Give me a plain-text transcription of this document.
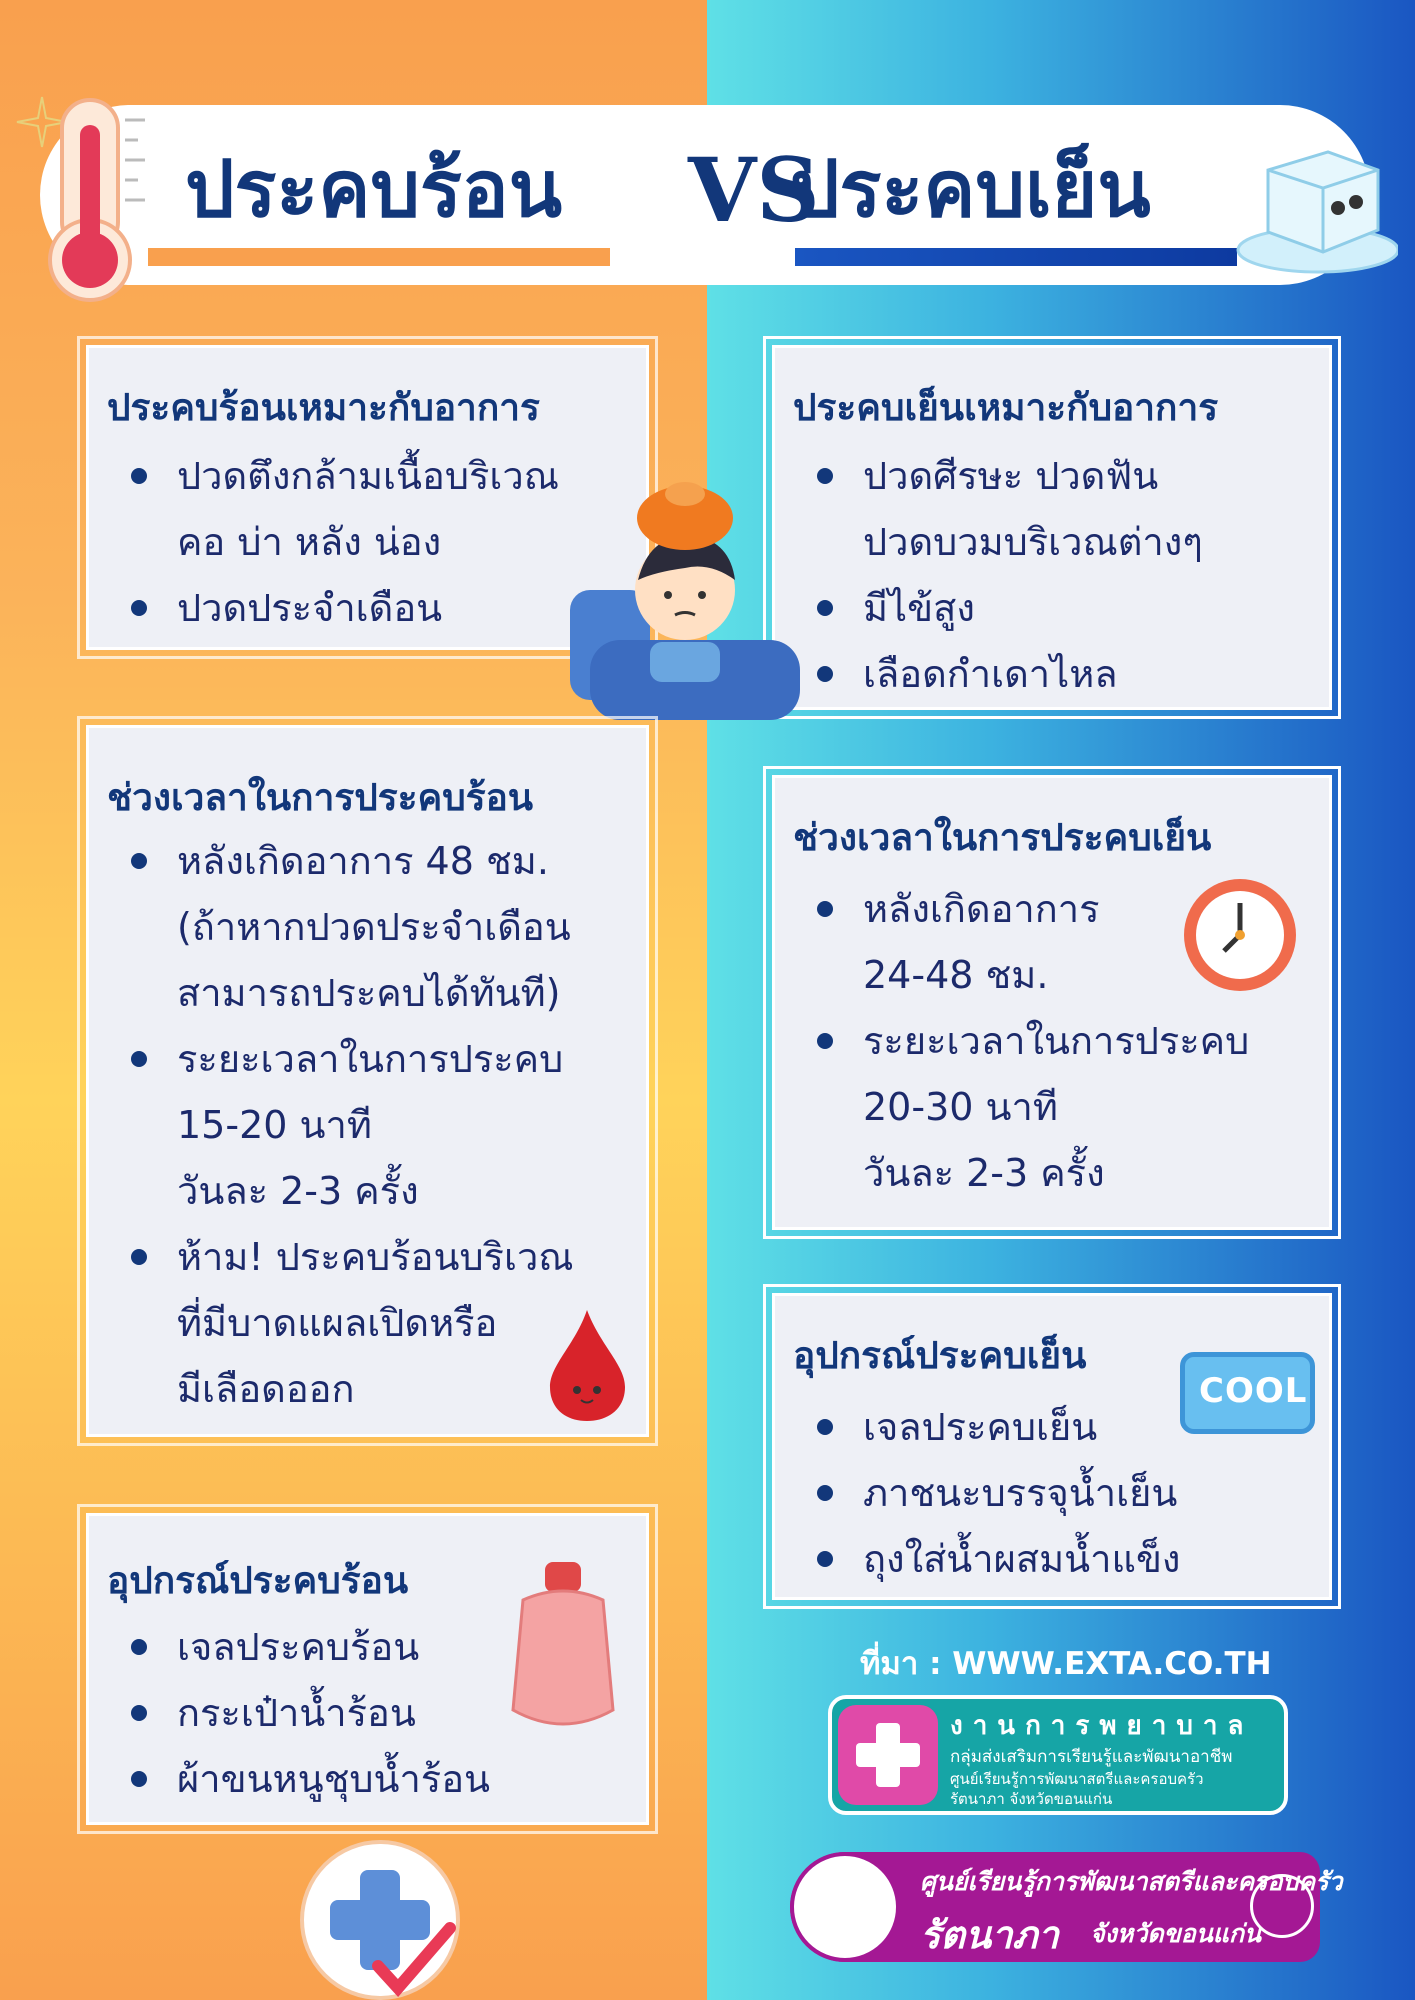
ประคบร้อน VS
ประคบเย็น
ประคบร้อนเหมาะกับอาการ
ปวดตึงกล้ามเนื้อบริเวณ
คอ บ่า หลัง น่อง
ปวดประจำเดือน
ประคบเย็นเหมาะกับอาการ
ปวดศีรษะ ปวดฟัน
ปวดบวมบริเวณต่างๆ
มีไข้สูง
เลือดกำเดาไหล
ช่วงเวลาในการประคบร้อน
หลังเกิดอาการ 48 ชม.
(ถ้าหากปวดประจำเดือน
สามารถประคบได้ทันที)
ระยะเวลาในการประคบ
15-20 นาที
วันละ 2-3 ครั้ง
ห้าม! ประคบร้อนบริเวณ
ที่มีบาดแผลเปิดหรือ
มีเลือดออก
ช่วงเวลาในการประคบเย็น
หลังเกิดอาการ
24-48 ชม.
ระยะเวลาในการประคบ
20-30 นาที
วันละ 2-3 ครั้ง
อุปกรณ์ประคบร้อน
เจลประคบร้อน
กระเป๋าน้ำร้อน
ผ้าขนหนูชุบน้ำร้อน
อุปกรณ์ประคบเย็น
เจลประคบเย็น
ภาชนะบรรจุน้ำเย็น
ถุงใส่น้ำผสมน้ำแข็ง
COOL
ที่มา : WWW.EXTA.CO.TH
งานการพยาบาล
กลุ่มส่งเสริมการเรียนรู้และพัฒนาอาชีพ
ศูนย์เรียนรู้การพัฒนาสตรีและครอบครัว
รัตนาภา จังหวัดขอนแก่น
ศูนย์เรียนรู้การพัฒนาสตรีและครอบครัว
รัตนาภา จังหวัดขอนแก่น
